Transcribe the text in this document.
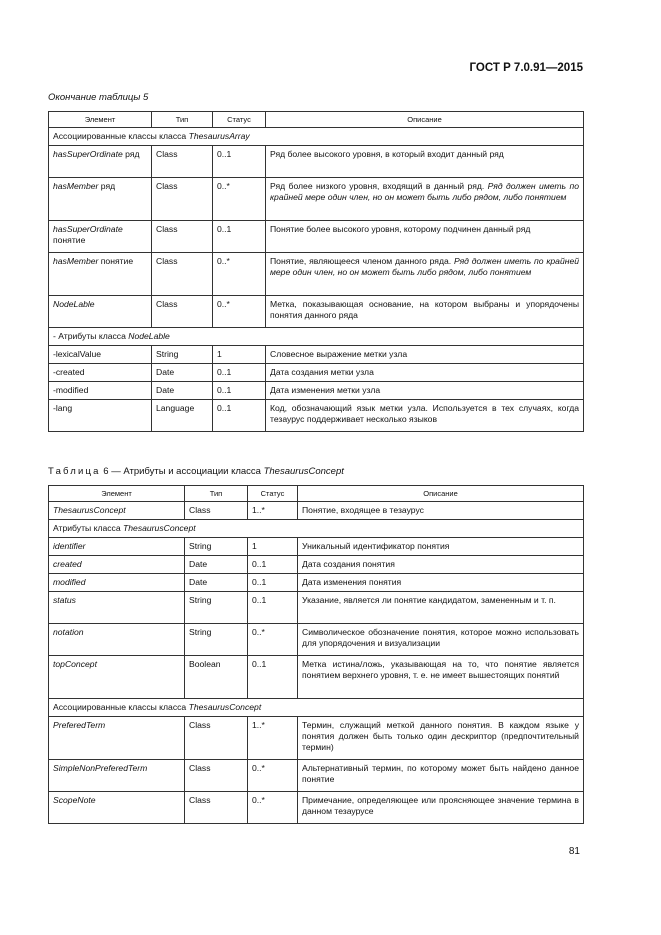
ГОСТ Р 7.0.91—2015
Окончание таблицы 5
Элемент	Тип	Статус	Описание
Ассоциированные классы класса ThesaurusArray			
hasSuperOrdinate ряд	Class	0..1	Ряд более высокого уровня, в который входит данный ряд
hasMember ряд	Class	0..*	Ряд более низкого уровня, входящий в данный ряд. Ряд должен иметь по крайней мере один член, но он может быть либо рядом, либо понятием
hasSuperOrdinate понятие	Class	0..1	Понятие более высокого уровня, которому подчинен данный ряд
hasMember понятие	Class	0..*	Понятие, являющееся членом данного ряда. Ряд должен иметь по крайней мере один член, но он может быть либо рядом, либо понятием
NodeLable	Class	0..*	Метка, показывающая основание, на котором выбраны и упорядочены понятия данного ряда
- Атрибуты класса NodeLable			
-lexicalValue	String	1	Словесное выражение метки узла
-created	Date	0..1	Дата создания метки узла
-modified	Date	0..1	Дата изменения метки узла
-lang	Language	0..1	Код, обозначающий язык метки узла. Используется в тех случаях, когда тезаурус поддерживает несколько языков
Таблица 6 — Атрибуты и ассоциации класса ThesaurusConcept
Элемент	Тип	Статус	Описание
ThesaurusConcept	Class	1..*	Понятие, входящее в тезаурус
Атрибуты класса ThesaurusConcept			
identifier	String	1	Уникальный идентификатор понятия
created	Date	0..1	Дата создания понятия
modified	Date	0..1	Дата изменения понятия
status	String	0..1	Указание, является ли понятие кандидатом, замененным и т. п.
notation	String	0..*	Символическое обозначение понятия, которое можно использовать для упорядочения и визуализации
topConcept	Boolean	0..1	Метка истина/ложь, указывающая на то, что понятие является понятием верхнего уровня, т. е. не имеет вышестоящих понятий
Ассоциированные классы класса ThesaurusConcept			
PreferedTerm	Class	1..*	Термин, служащий меткой данного понятия. В каждом языке у понятия должен быть только один дескриптор (предпочтительный термин)
SimpleNonPreferedTerm	Class	0..*	Альтернативный термин, по которому может быть найдено данное понятие
ScopeNote	Class	0..*	Примечание, определяющее или проясняющее значение термина в данном тезаурусе
81
